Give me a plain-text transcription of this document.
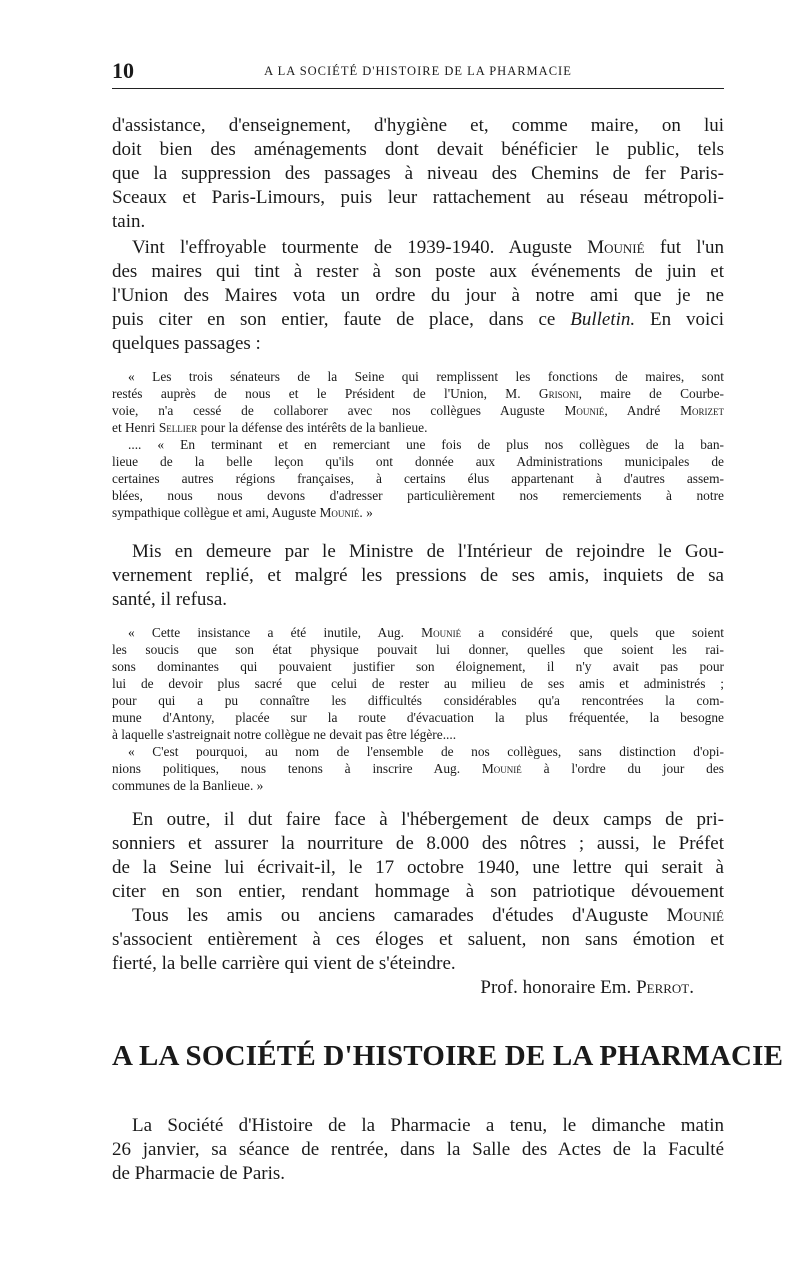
10	A LA SOCIÉTÉ D'HISTOIRE DE LA PHARMACIE
d'assistance, d'enseignement, d'hygiène et, comme maire, on lui
doit bien des aménagements dont devait bénéficier le public, tels
que la suppression des passages à niveau des Chemins de fer Paris-
Sceaux et Paris-Limours, puis leur rattachement au réseau métropoli-
tain.
Vint l'effroyable tourmente de 1939-1940. Auguste Mounié fut l'un
des maires qui tint à rester à son poste aux événements de juin et
l'Union des Maires vota un ordre du jour à notre ami que je ne
puis citer en son entier, faute de place, dans ce Bulletin. En voici
quelques passages :
« Les trois sénateurs de la Seine qui remplissent les fonctions de maires, sont
restés auprès de nous et le Président de l'Union, M. Grisoni, maire de Courbe-
voie, n'a cessé de collaborer avec nos collègues Auguste Mounié, André Morizet
et Henri Sellier pour la défense des intérêts de la banlieue.
.... « En terminant et en remerciant une fois de plus nos collègues de la ban-
lieue de la belle leçon qu'ils ont donnée aux Administrations municipales de
certaines autres régions françaises, à certains élus appartenant à d'autres assem-
blées, nous nous devons d'adresser particulièrement nos remerciements à notre
sympathique collègue et ami, Auguste Mounié. »
Mis en demeure par le Ministre de l'Intérieur de rejoindre le Gou-
vernement replié, et malgré les pressions de ses amis, inquiets de sa
santé, il refusa.
« Cette insistance a été inutile, Aug. Mounié a considéré que, quels que soient
les soucis que son état physique pouvait lui donner, quelles que soient les rai-
sons dominantes qui pouvaient justifier son éloignement, il n'y avait pas pour
lui de devoir plus sacré que celui de rester au milieu de ses amis et administrés ;
pour qui a pu connaître les difficultés considérables qu'a rencontrées la com-
mune d'Antony, placée sur la route d'évacuation la plus fréquentée, la besogne
à laquelle s'astreignait notre collègue ne devait pas être légère....
« C'est pourquoi, au nom de l'ensemble de nos collègues, sans distinction d'opi-
nions politiques, nous tenons à inscrire Aug. Mounié à l'ordre du jour des
communes de la Banlieue. »
En outre, il dut faire face à l'hébergement de deux camps de pri-
sonniers et assurer la nourriture de 8.000 des nôtres ; aussi, le Préfet
de la Seine lui écrivait-il, le 17 octobre 1940, une lettre qui serait à
citer en son entier, rendant hommage à son patriotique dévouement
Tous les amis ou anciens camarades d'études d'Auguste Mounié
s'associent entièrement à ces éloges et saluent, non sans émotion et
fierté, la belle carrière qui vient de s'éteindre.
Prof. honoraire Em. Perrot.
A LA SOCIÉTÉ D'HISTOIRE DE LA PHARMACIE
La Société d'Histoire de la Pharmacie a tenu, le dimanche matin
26 janvier, sa séance de rentrée, dans la Salle des Actes de la Faculté
de Pharmacie de Paris.
